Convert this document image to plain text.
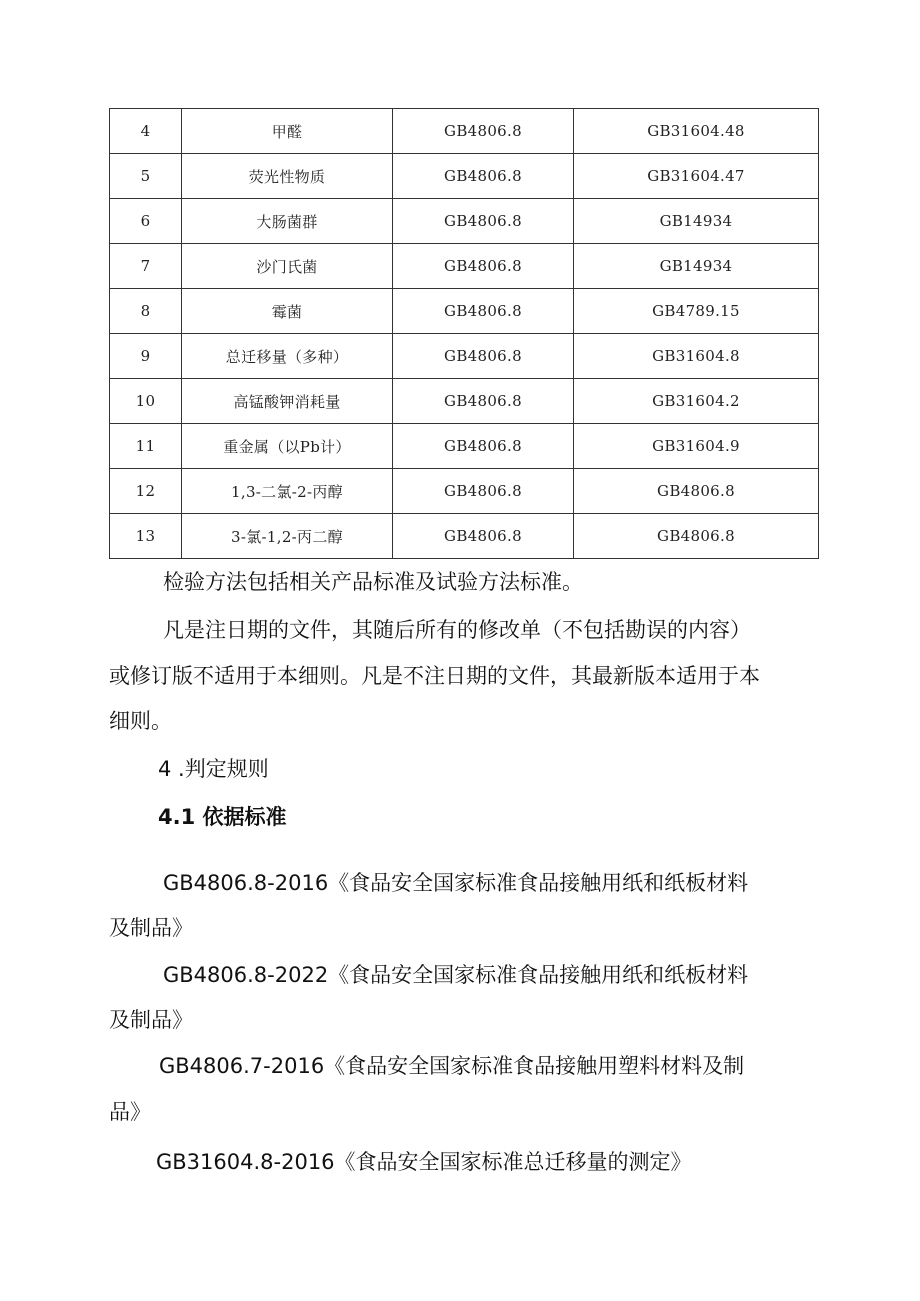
4	甲醛	GB4806.8	GB31604.48
5	荧光性物质	GB4806.8	GB31604.47
6	大肠菌群	GB4806.8	GB14934
7	沙门氏菌	GB4806.8	GB14934
8	霉菌	GB4806.8	GB4789.15
9	总迁移量（多种）	GB4806.8	GB31604.8
10	高锰酸钾消耗量	GB4806.8	GB31604.2
11	重金属（以Pb计）	GB4806.8	GB31604.9
12	1,3-二氯-2-丙醇	GB4806.8	GB4806.8
13	3-氯-1,2-丙二醇	GB4806.8	GB4806.8

检验方法包括相关产品标准及试验方法标准。

凡是注日期的文件，其随后所有的修改单（不包括勘误的内容）

或修订版不适用于本细则。凡是不注日期的文件，其最新版本适用于本

细则。

4 .判定规则

4.1 依据标准

GB4806.8-2016《食品安全国家标准食品接触用纸和纸板材料

及制品》

GB4806.8-2022《食品安全国家标准食品接触用纸和纸板材料

及制品》

GB4806.7-2016《食品安全国家标准食品接触用塑料材料及制

品》

GB31604.8-2016《食品安全国家标准总迁移量的测定》
